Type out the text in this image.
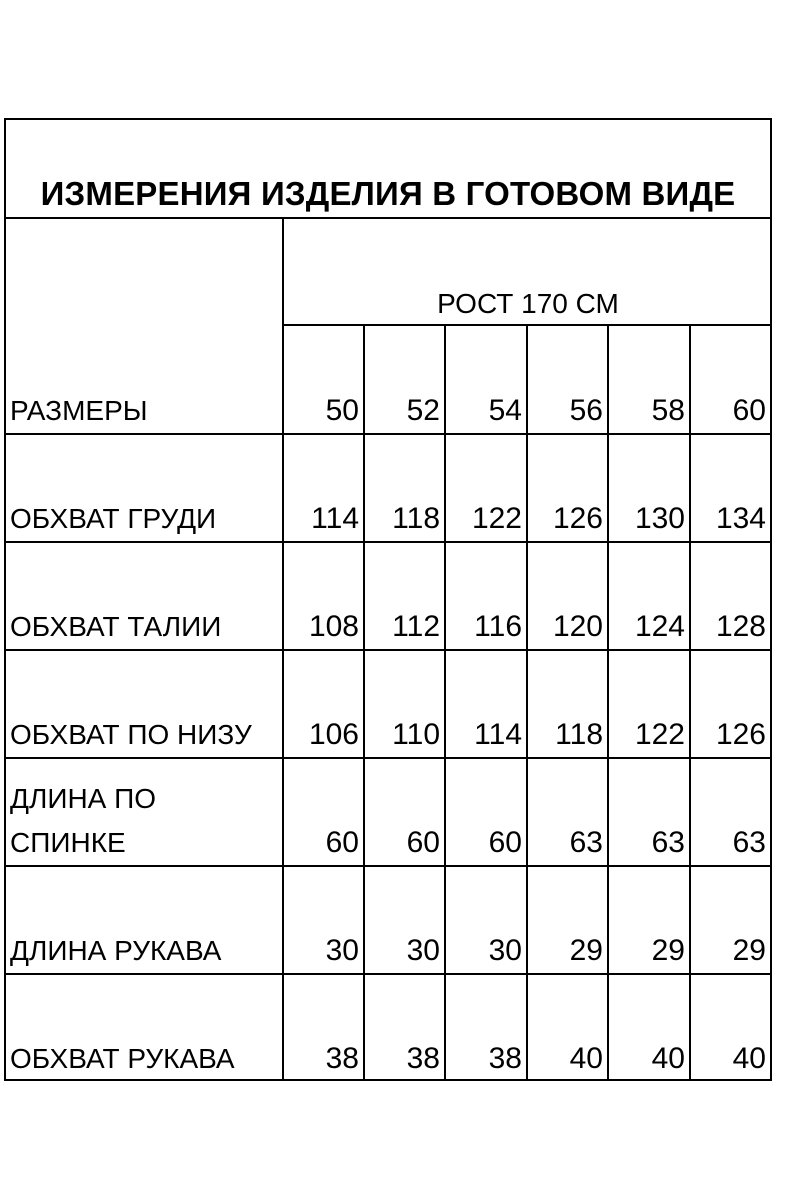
ИЗМЕРЕНИЯ ИЗДЕЛИЯ В ГОТОВОМ ВИДЕ
РОСТ 170 СМ
РАЗМЕРЫ	50	52	54	56	58	60
ОБХВАТ ГРУДИ	114	118	122	126	130	134
ОБХВАТ ТАЛИИ	108	112	116	120	124	128
ОБХВАТ ПО НИЗУ	106	110	114	118	122	126
ДЛИНА ПО
СПИНКЕ	60	60	60	63	63	63
ДЛИНА РУКАВА	30	30	30	29	29	29
ОБХВАТ РУКАВА	38	38	38	40	40	40
